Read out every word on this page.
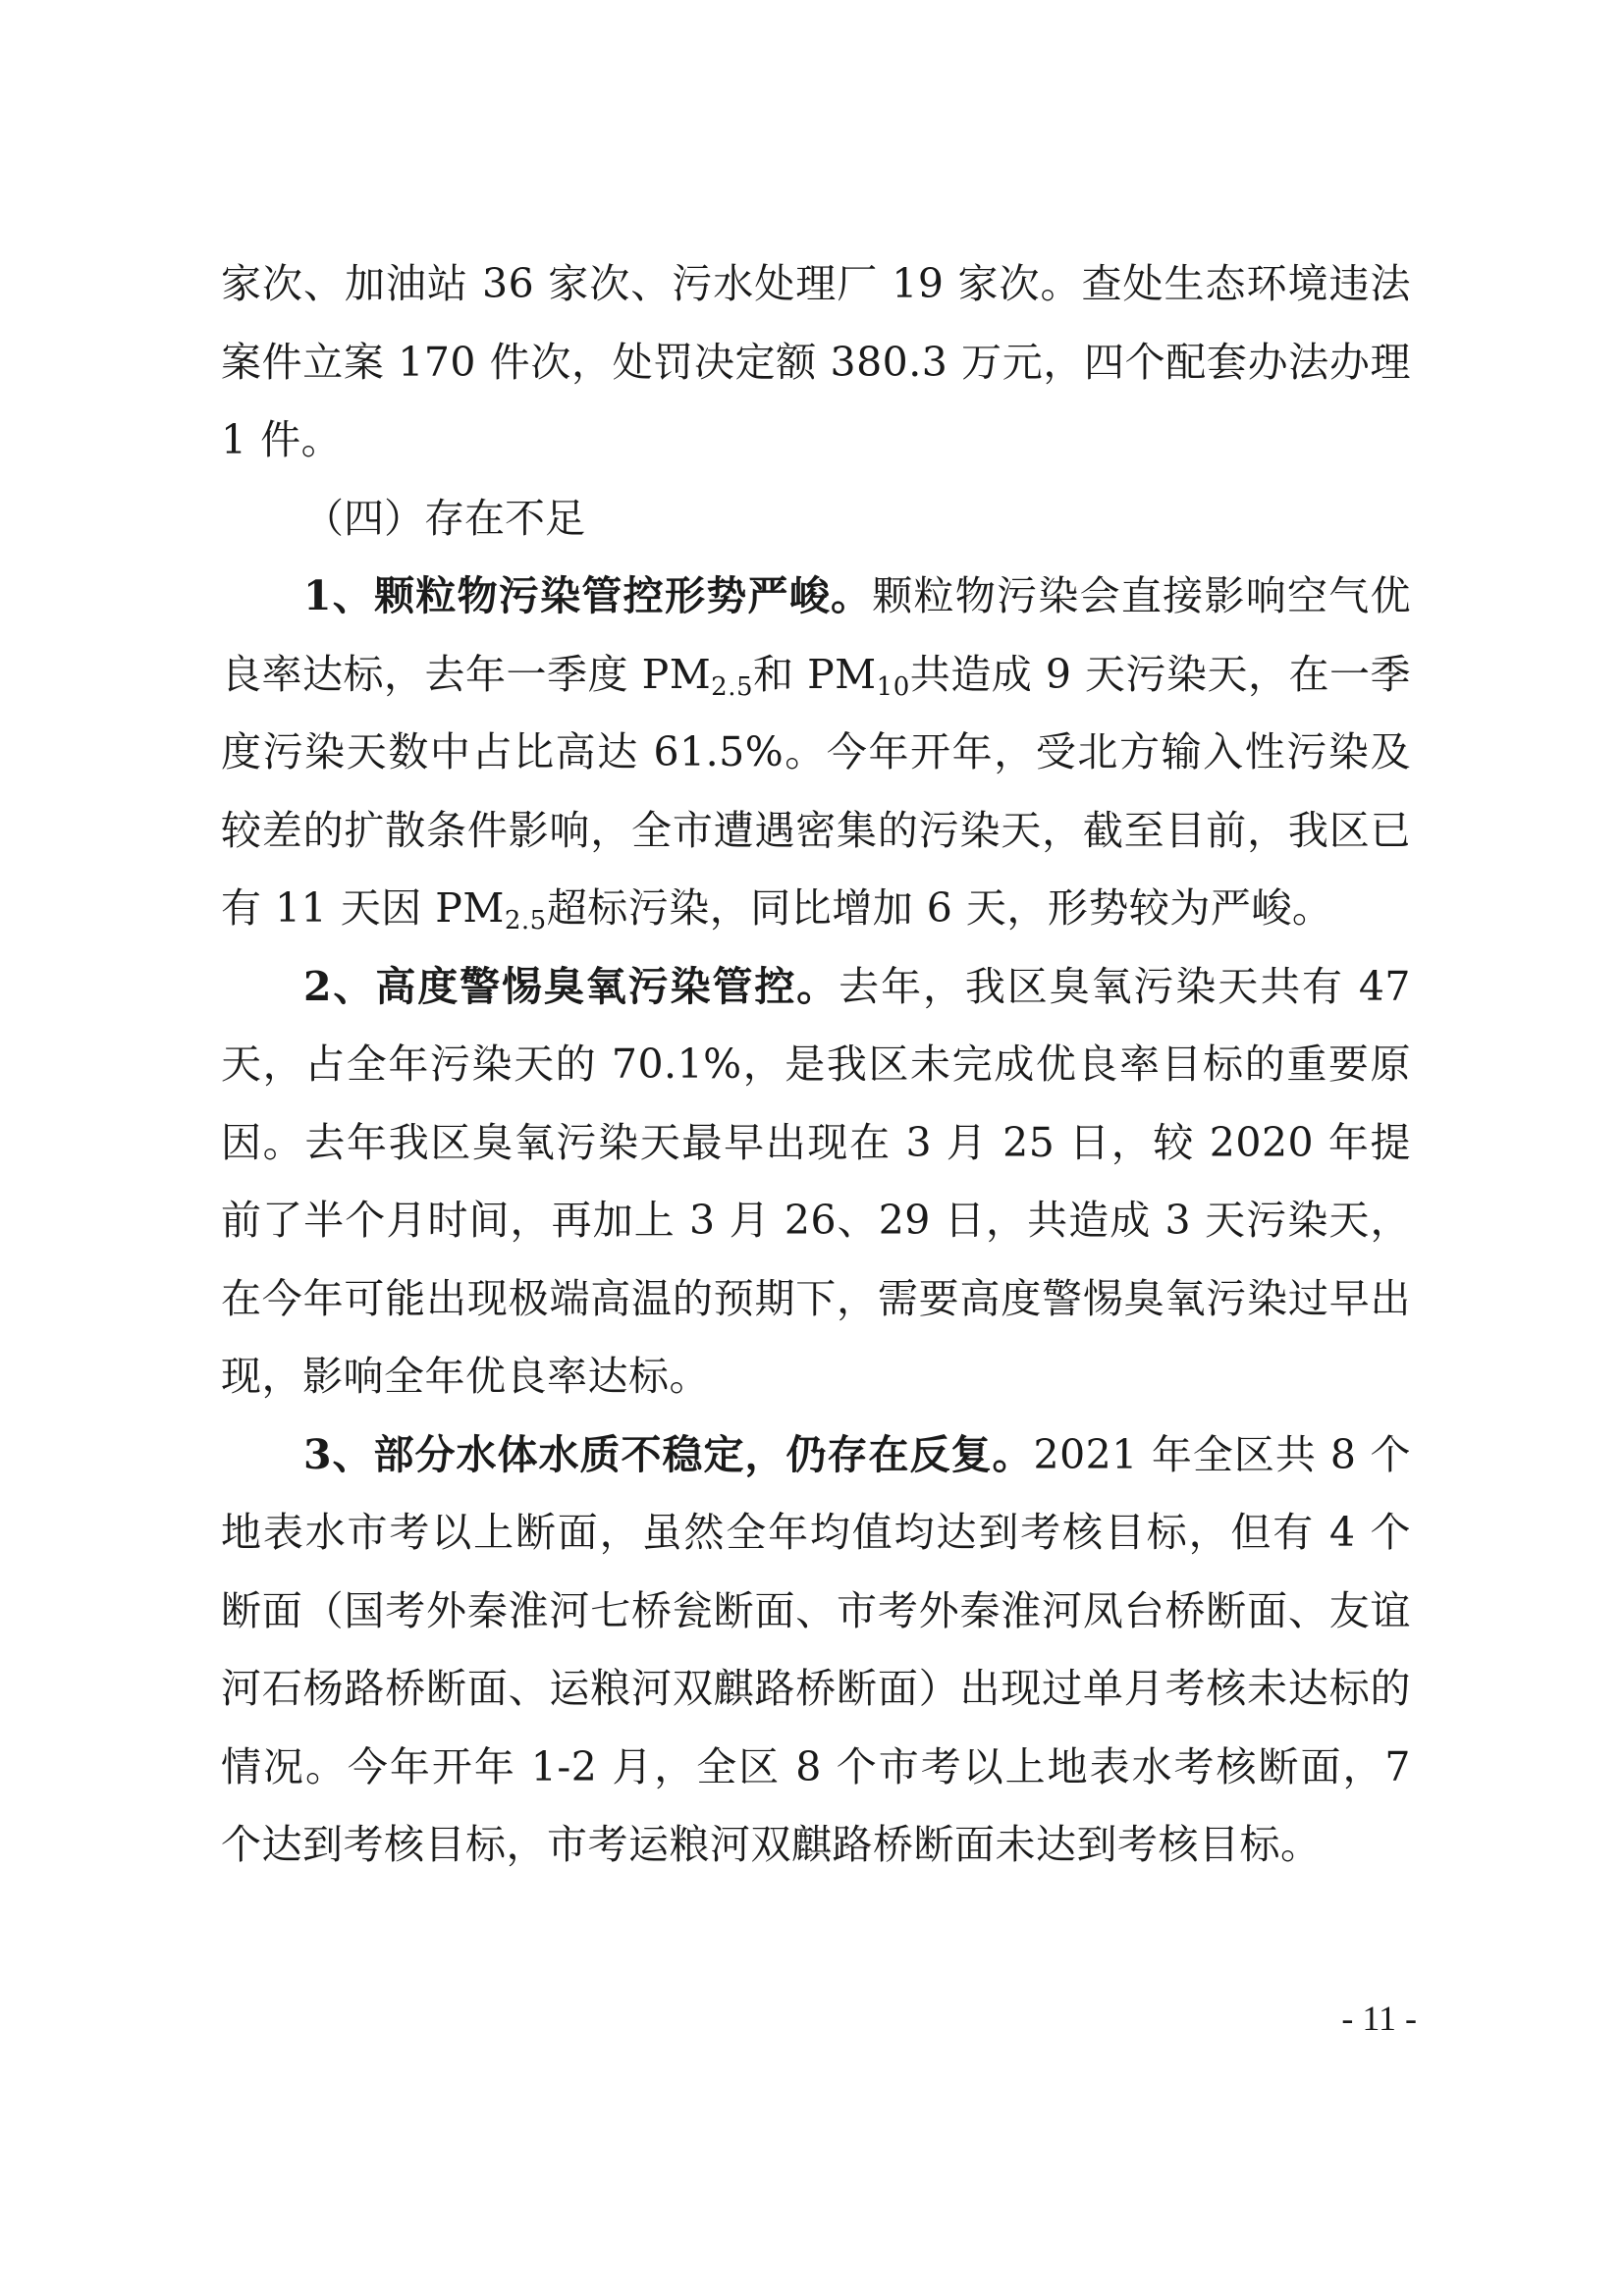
家次、加油站 36 家次、污水处理厂 19 家次。查处生态环境违法案件立案 170 件次，处罚决定额 380.3 万元，四个配套办法办理 1 件。

（四）存在不足

1、颗粒物污染管控形势严峻。颗粒物污染会直接影响空气优良率达标，去年一季度 $PM_{2.5}$和 $PM_{10}$共造成 9 天污染天，在一季度污染天数中占比高达 61.5%。今年开年，受北方输入性污染及较差的扩散条件影响，全市遭遇密集的污染天，截至目前，我区已有 11 天因 $PM_{2.5}$超标污染，同比增加 6 天，形势较为严峻。

2、高度警惕臭氧污染管控。去年，我区臭氧污染天共有 47 天，占全年污染天的 70.1%，是我区未完成优良率目标的重要原因。去年我区臭氧污染天最早出现在 3 月 25 日，较 2020 年提前了半个月时间，再加上 3 月 26、29 日，共造成 3 天污染天，在今年可能出现极端高温的预期下，需要高度警惕臭氧污染过早出现，影响全年优良率达标。

3、部分水体水质不稳定，仍存在反复。2021 年全区共 8 个地表水市考以上断面，虽然全年均值均达到考核目标，但有 4 个断面（国考外秦淮河七桥瓮断面、市考外秦淮河凤台桥断面、友谊河石杨路桥断面、运粮河双麒路桥断面）出现过单月考核未达标的情况。今年开年 1-2 月，全区 8 个市考以上地表水考核断面，7 个达到考核目标，市考运粮河双麒路桥断面未达到考核目标。

- 11 -
